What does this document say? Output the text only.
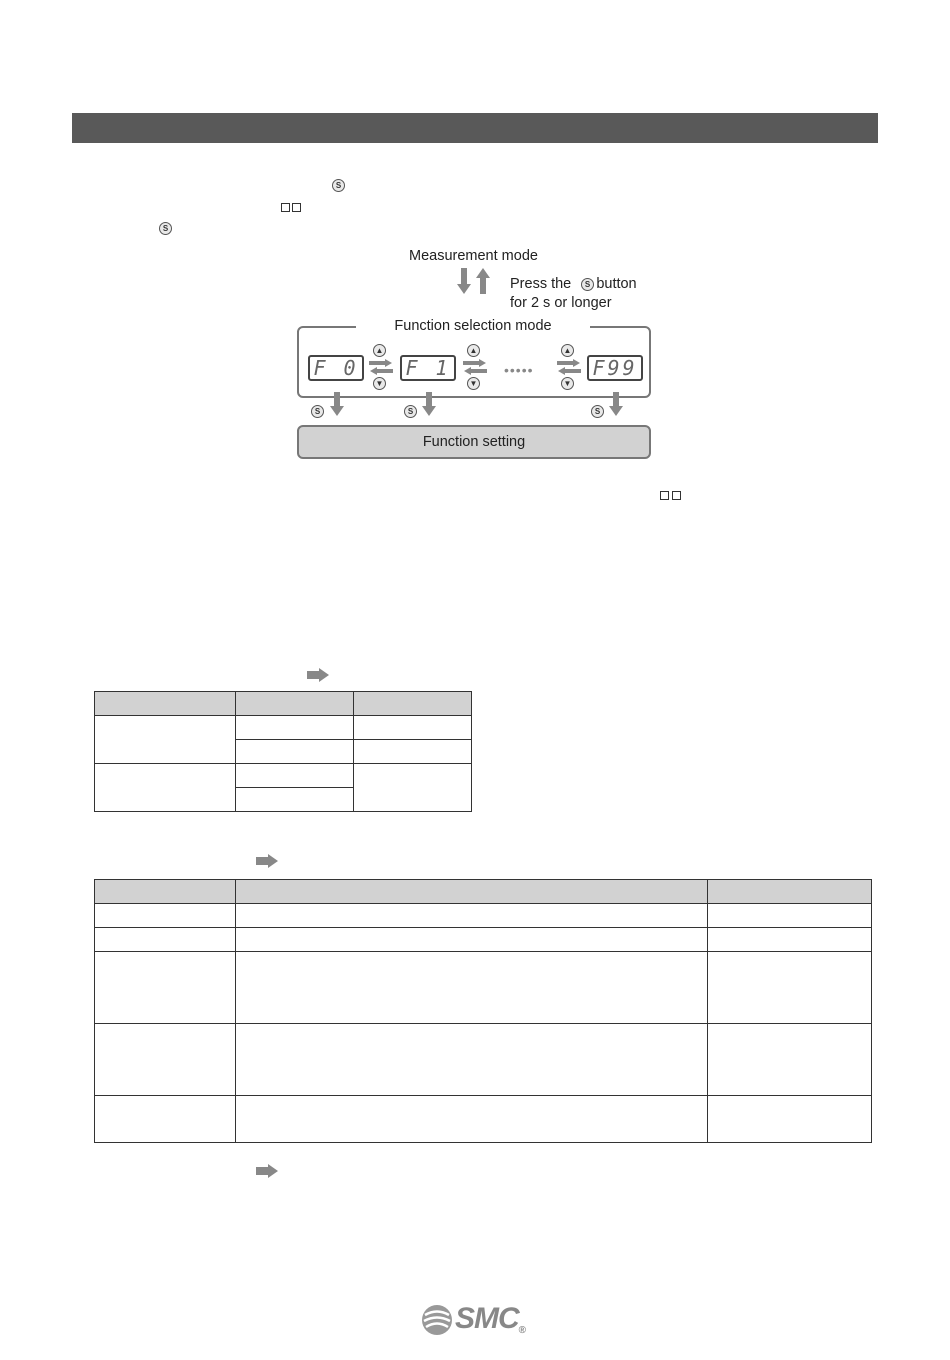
S
S
Measurement mode
Press the button
S
for 2 s or longer
Function selection mode
F 0 F 1	F99
▲
▼
▲
▼
•••••
▲
▼
S	S	S
Function setting

SMC®
